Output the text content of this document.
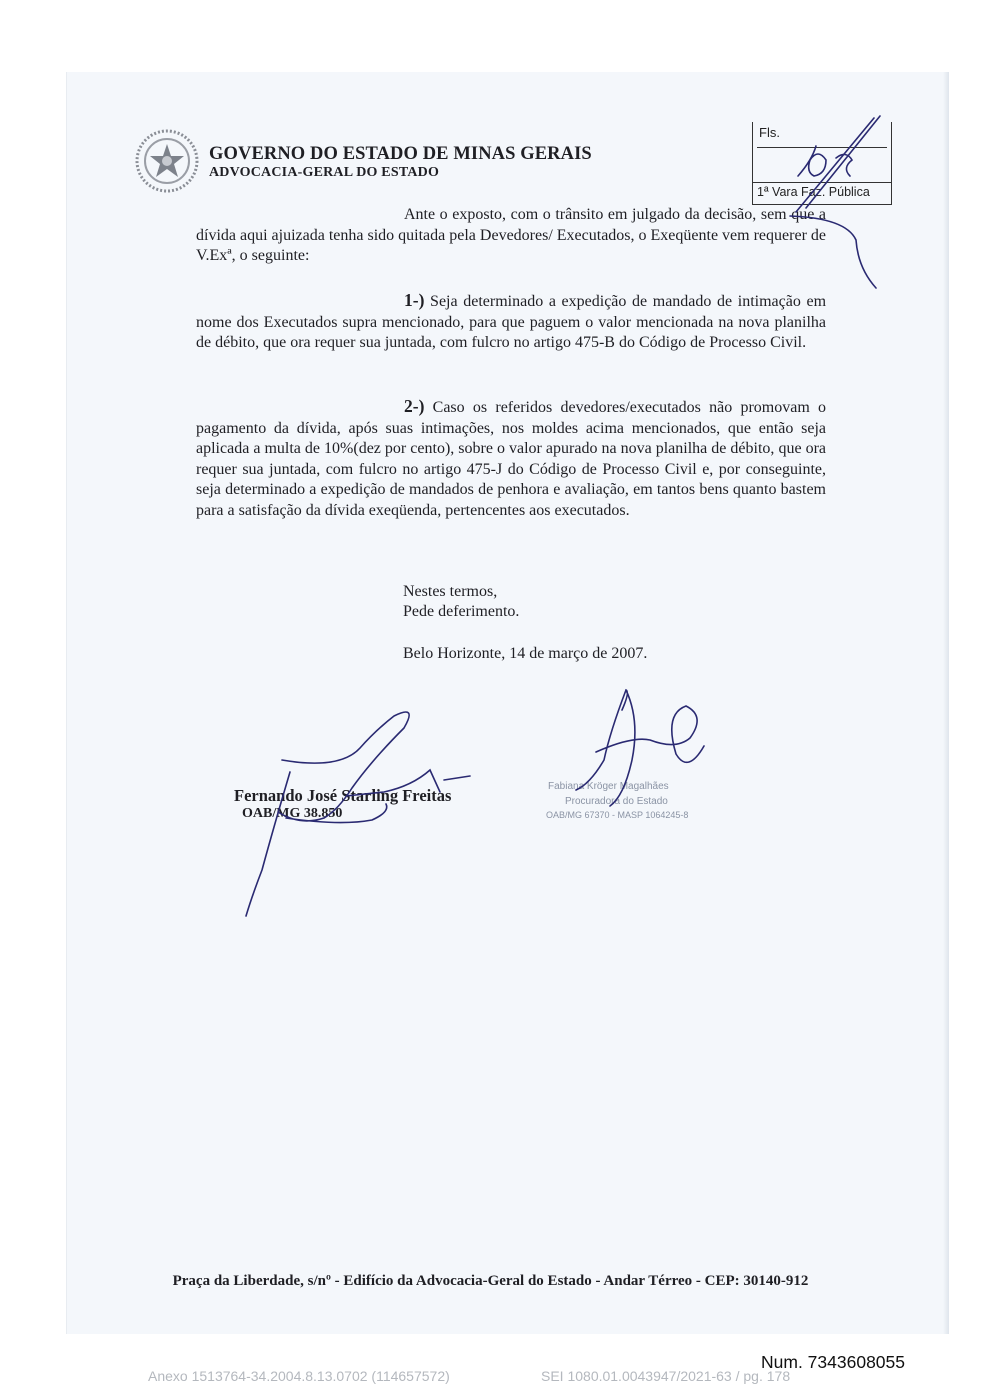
GOVERNO DO ESTADO DE MINAS GERAIS
ADVOCACIA-GERAL DO ESTADO
Fls.
1ª Vara Faz. Pública
Ante o exposto, com o trânsito em julgado da decisão, sem que a dívida aqui ajuizada tenha sido quitada pela Devedores/ Executados, o Exeqüente vem requerer de V.Exª, o seguinte:
1-) Seja determinado a expedição de mandado de intimação em nome dos Executados supra mencionado, para que paguem o valor mencionada na nova planilha de débito, que ora requer sua juntada, com fulcro no artigo 475-B do Código de Processo Civil.
2-) Caso os referidos devedores/executados não promovam o pagamento da dívida, após suas intimações, nos moldes acima mencionados, que então seja aplicada a multa de 10%(dez por cento), sobre o valor apurado na nova planilha de débito, que ora requer sua juntada, com fulcro no artigo 475-J do Código de Processo Civil e, por conseguinte, seja determinado a expedição de mandados de penhora e avaliação, em tantos bens quanto bastem para a satisfação da dívida exeqüenda, pertencentes aos executados.
Nestes termos,
Pede deferimento.
Belo Horizonte, 14 de março de 2007.
Fernando José Starling Freitas
OAB/MG 38.850
Fabiana Kröger Magalhães
Procuradora do Estado
OAB/MG 67370 - MASP 1064245-8
Praça da Liberdade, s/nº - Edifício da Advocacia-Geral do Estado - Andar Térreo - CEP: 30140-912
Num. 7343608055
Anexo 1513764-34.2004.8.13.0702 (114657572)	SEI 1080.01.0043947/2021-63 / pg. 178
